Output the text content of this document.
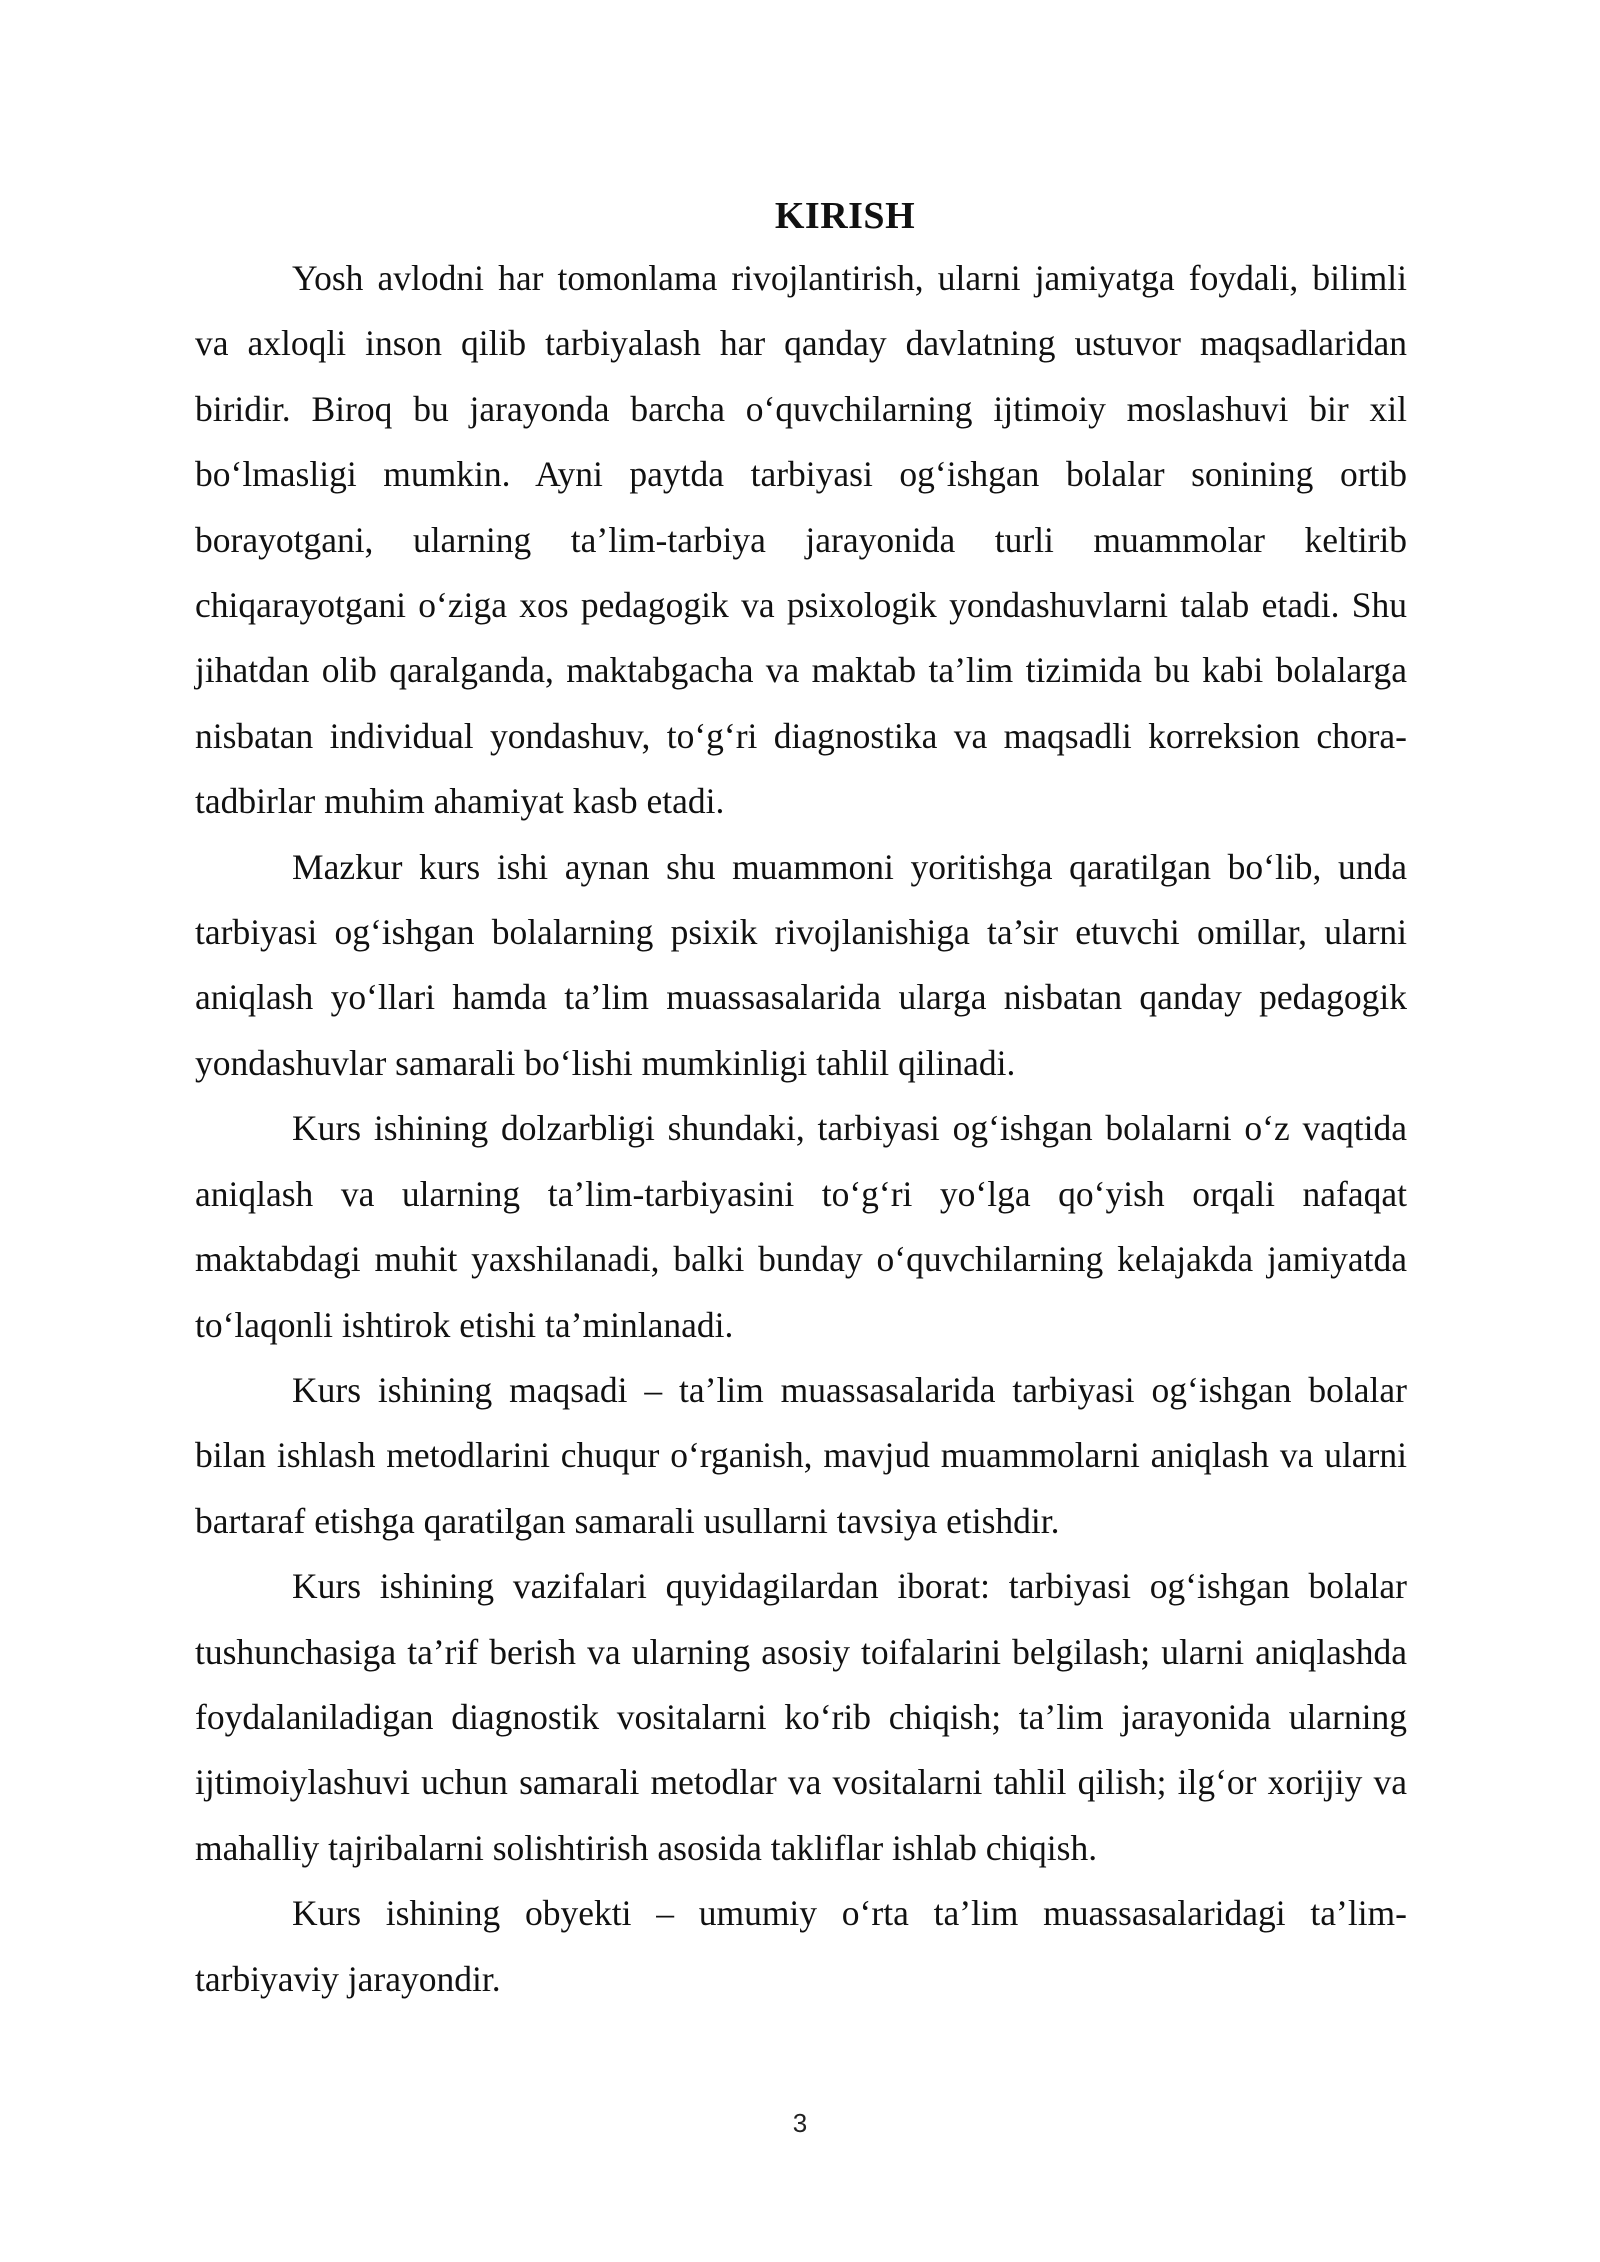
KIRISH

Yosh avlodni har tomonlama rivojlantirish, ularni jamiyatga foydali, bilimli va axloqli inson qilib tarbiyalash har qanday davlatning ustuvor maqsadlaridan biridir. Biroq bu jarayonda barcha o‘quvchilarning ijtimoiy moslashuvi bir xil bo‘lmasligi mumkin. Ayni paytda tarbiyasi og‘ishgan bolalar sonining ortib borayotgani, ularning ta’lim-tarbiya jarayonida turli muammolar keltirib chiqarayotgani o‘ziga xos pedagogik va psixologik yondashuvlarni talab etadi. Shu jihatdan olib qaralganda, maktabgacha va maktab ta’lim tizimida bu kabi bolalarga nisbatan individual yondashuv, to‘g‘ri diagnostika va maqsadli korreksion chora-tadbirlar muhim ahamiyat kasb etadi.

Mazkur kurs ishi aynan shu muammoni yoritishga qaratilgan bo‘lib, unda tarbiyasi og‘ishgan bolalarning psixik rivojlanishiga ta’sir etuvchi omillar, ularni aniqlash yo‘llari hamda ta’lim muassasalarida ularga nisbatan qanday pedagogik yondashuvlar samarali bo‘lishi mumkinligi tahlil qilinadi.

Kurs ishining dolzarbligi shundaki, tarbiyasi og‘ishgan bolalarni o‘z vaqtida aniqlash va ularning ta’lim-tarbiyasini to‘g‘ri yo‘lga qo‘yish orqali nafaqat maktabdagi muhit yaxshilanadi, balki bunday o‘quvchilarning kelajakda jamiyatda to‘laqonli ishtirok etishi ta’minlanadi.

Kurs ishining maqsadi – ta’lim muassasalarida tarbiyasi og‘ishgan bolalar bilan ishlash metodlarini chuqur o‘rganish, mavjud muammolarni aniqlash va ularni bartaraf etishga qaratilgan samarali usullarni tavsiya etishdir.

Kurs ishining vazifalari quyidagilardan iborat: tarbiyasi og‘ishgan bolalar tushunchasiga ta’rif berish va ularning asosiy toifalarini belgilash; ularni aniqlashda foydalaniladigan diagnostik vositalarni ko‘rib chiqish; ta’lim jarayonida ularning ijtimoiylashuvi uchun samarali metodlar va vositalarni tahlil qilish; ilg‘or xorijiy va mahalliy tajribalarni solishtirish asosida takliflar ishlab chiqish.

Kurs ishining obyekti – umumiy o‘rta ta’lim muassasalaridagi ta’lim-tarbiyaviy jarayondir.

3
